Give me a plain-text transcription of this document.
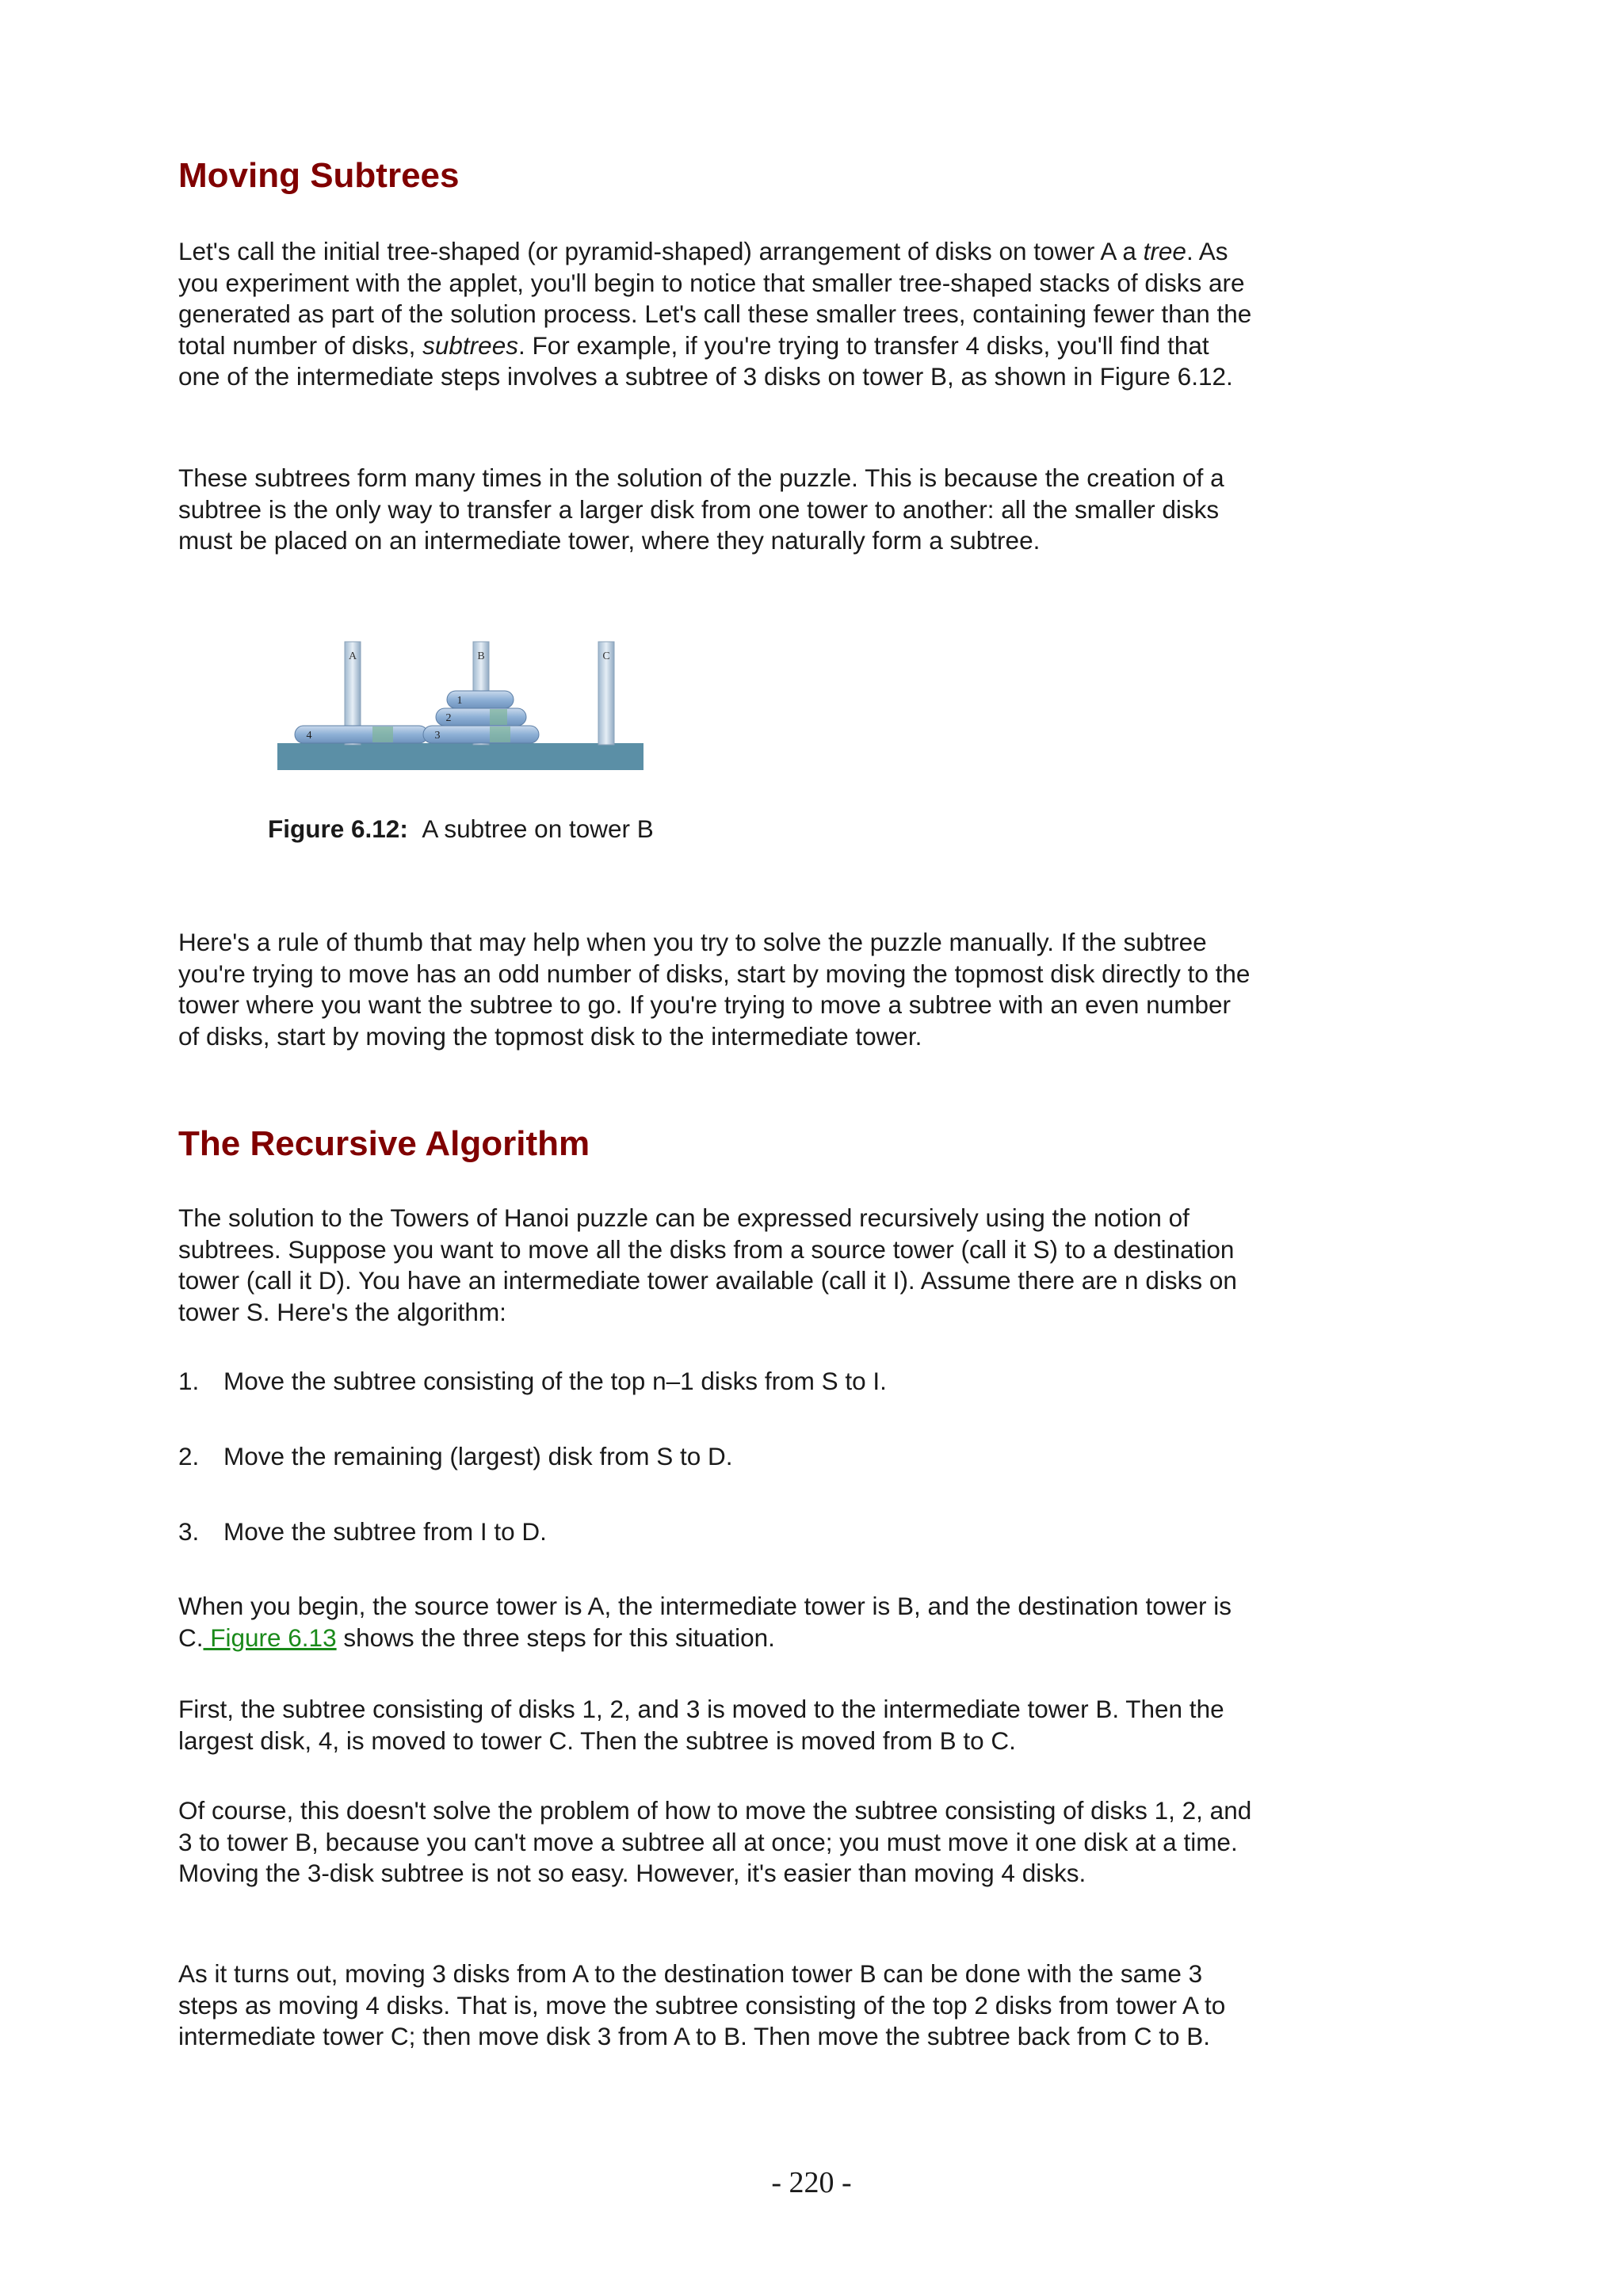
Moving Subtrees

Let's call the initial tree-shaped (or pyramid-shaped) arrangement of disks on tower A a tree. As you experiment with the applet, you'll begin to notice that smaller tree-shaped stacks of disks are generated as part of the solution process. Let's call these smaller trees, containing fewer than the total number of disks, subtrees. For example, if you're trying to transfer 4 disks, you'll find that one of the intermediate steps involves a subtree of 3 disks on tower B, as shown in Figure 6.12.

These subtrees form many times in the solution of the puzzle. This is because the creation of a subtree is the only way to transfer a larger disk from one tower to another: all the smaller disks must be placed on an intermediate tower, where they naturally form a subtree.

A	B	C
4	3
2
1
Figure 6.12: A subtree on tower B

Here's a rule of thumb that may help when you try to solve the puzzle manually. If the subtree you're trying to move has an odd number of disks, start by moving the topmost disk directly to the tower where you want the subtree to go. If you're trying to move a subtree with an even number of disks, start by moving the topmost disk to the intermediate tower.

The Recursive Algorithm

The solution to the Towers of Hanoi puzzle can be expressed recursively using the notion of subtrees. Suppose you want to move all the disks from a source tower (call it S) to a destination tower (call it D). You have an intermediate tower available (call it I). Assume there are n disks on tower S. Here's the algorithm:

1. Move the subtree consisting of the top n–1 disks from S to I.
2. Move the remaining (largest) disk from S to D.
3. Move the subtree from I to D.

When you begin, the source tower is A, the intermediate tower is B, and the destination tower is C. Figure 6.13 shows the three steps for this situation.

First, the subtree consisting of disks 1, 2, and 3 is moved to the intermediate tower B. Then the largest disk, 4, is moved to tower C. Then the subtree is moved from B to C.

Of course, this doesn't solve the problem of how to move the subtree consisting of disks 1, 2, and 3 to tower B, because you can't move a subtree all at once; you must move it one disk at a time. Moving the 3-disk subtree is not so easy. However, it's easier than moving 4 disks.

As it turns out, moving 3 disks from A to the destination tower B can be done with the same 3 steps as moving 4 disks. That is, move the subtree consisting of the top 2 disks from tower A to intermediate tower C; then move disk 3 from A to B. Then move the subtree back from C to B.

- 220 -
